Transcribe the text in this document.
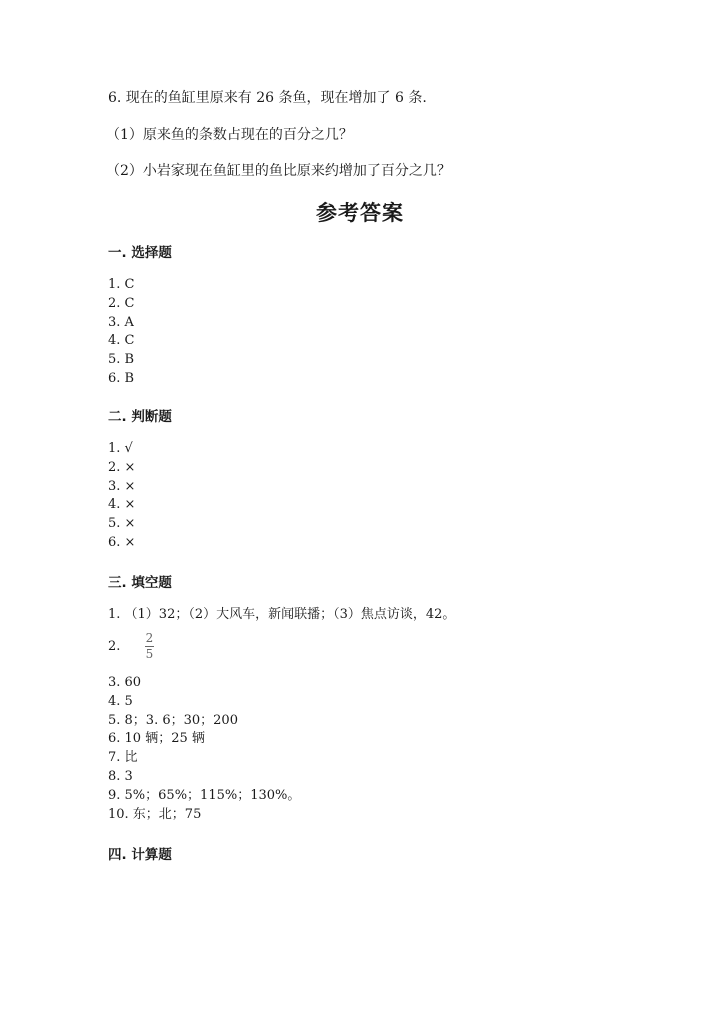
6. 现在的鱼缸里原来有 26 条鱼，现在增加了 6 条.
（1）原来鱼的条数占现在的百分之几？
（2）小岩家现在鱼缸里的鱼比原来约增加了百分之几？
参考答案
一. 选择题
1. C
2. C
3. A
4. C
5. B
6. B
二. 判断题
1. √
2. ×
3. ×
4. ×
5. ×
6. ×
三. 填空题
1. （1）32；（2）大风车，新闻联播；（3）焦点访谈，42。
2.
2
5
3. 60
4. 5
5. 8；3. 6；30；200
6. 10 辆；25 辆
7. 比
8. 3
9. 5%；65%；115%；130%。
10. 东；北；75
四. 计算题
